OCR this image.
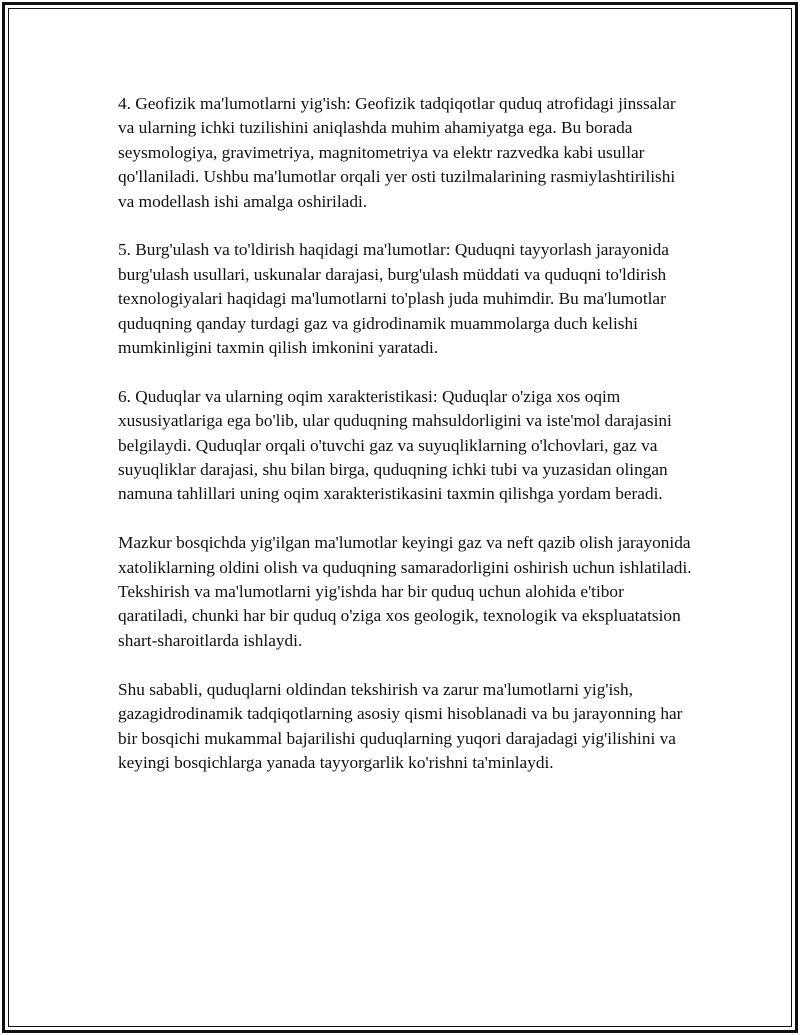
4. Geofizik ma'lumotlarni yig'ish: Geofizik tadqiqotlar quduq atrofidagi jinssalar va ularning ichki tuzilishini aniqlashda muhim ahamiyatga ega. Bu borada seysmologiya, gravimetriya, magnitometriya va elektr razvedka kabi usullar qo'llaniladi. Ushbu ma'lumotlar orqali yer osti tuzilmalarining rasmiylashtirilishi va modellash ishi amalga oshiriladi.

5. Burg'ulash va to'ldirish haqidagi ma'lumotlar: Quduqni tayyorlash jarayonida burg'ulash usullari, uskunalar darajasi, burg'ulash müddati va quduqni to'ldirish texnologiyalari haqidagi ma'lumotlarni to'plash juda muhimdir. Bu ma'lumotlar quduqning qanday turdagi gaz va gidrodinamik muammolarga duch kelishi mumkinligini taxmin qilish imkonini yaratadi.

6. Quduqlar va ularning oqim xarakteristikasi: Quduqlar o'ziga xos oqim xususiyatlariga ega bo'lib, ular quduqning mahsuldorligini va iste'mol darajasini belgilaydi. Quduqlar orqali o'tuvchi gaz va suyuqliklarning o'lchovlari, gaz va suyuqliklar darajasi, shu bilan birga, quduqning ichki tubi va yuzasidan olingan namuna tahlillari uning oqim xarakteristikasini taxmin qilishga yordam beradi.

Mazkur bosqichda yig'ilgan ma'lumotlar keyingi gaz va neft qazib olish jarayonida xatoliklarning oldini olish va quduqning samaradorligini oshirish uchun ishlatiladi. Tekshirish va ma'lumotlarni yig'ishda har bir quduq uchun alohida e'tibor qaratiladi, chunki har bir quduq o'ziga xos geologik, texnologik va ekspluatatsion shart-sharoitlarda ishlaydi.

Shu sababli, quduqlarni oldindan tekshirish va zarur ma'lumotlarni yig'ish, gazagidrodinamik tadqiqotlarning asosiy qismi hisoblanadi va bu jarayonning har bir bosqichi mukammal bajarilishi quduqlarning yuqori darajadagi yig'ilishini va keyingi bosqichlarga yanada tayyorgarlik ko'rishni ta'minlaydi.
